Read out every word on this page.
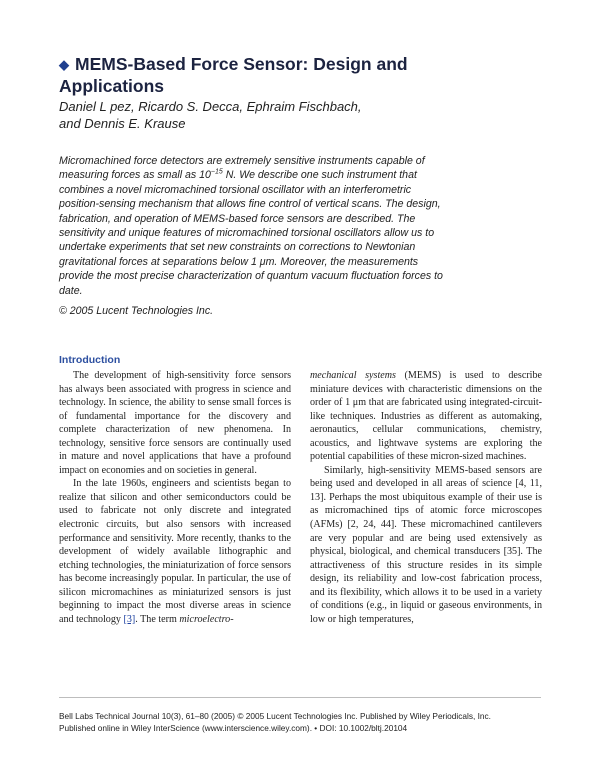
◆ MEMS-Based Force Sensor: Design and Applications
Daniel L pez, Ricardo S. Decca, Ephraim Fischbach,
and Dennis E. Krause
Micromachined force detectors are extremely sensitive instruments capable of measuring forces as small as $10^{-15}$ N. We describe one such instrument that combines a novel micromachined torsional oscillator with an interferometric position-sensing mechanism that allows fine control of vertical scans. The design, fabrication, and operation of MEMS-based force sensors are described. The sensitivity and unique features of micromachined torsional oscillators allow us to undertake experiments that set new constraints on corrections to Newtonian gravitational forces at separations below 1 μm. Moreover, the measurements provide the most precise characterization of quantum vacuum fluctuation forces to date.
© 2005 Lucent Technologies Inc.
Introduction

The development of high-sensitivity force sensors has always been associated with progress in science and technology. In science, the ability to sense small forces is of fundamental importance for the discovery and complete characterization of new phenomena. In technology, sensitive force sensors are continually used in mature and novel applications that have a profound impact on economies and on societies in general.

In the late 1960s, engineers and scientists began to realize that silicon and other semiconductors could be used to fabricate not only discrete and integrated electronic circuits, but also sensors with increased performance and sensitivity. More recently, thanks to the development of widely available lithographic and etching technologies, the miniaturization of force sensors has become increasingly popular. In particular, the use of silicon micromachines as miniaturized sensors is just beginning to impact the most diverse areas in science and technology [3]. The term microelectro-

mechanical systems (MEMS) is used to describe miniature devices with characteristic dimensions on the order of 1 μm that are fabricated using integrated-circuit-like techniques. Industries as different as automaking, aeronautics, cellular communications, chemistry, acoustics, and lightwave systems are exploring the potential capabilities of these micron-sized machines.

Similarly, high-sensitivity MEMS-based sensors are being used and developed in all areas of science [4, 11, 13]. Perhaps the most ubiquitous example of their use is as micromachined tips of atomic force microscopes (AFMs) [2, 24, 44]. These micromachined cantilevers are very popular and are being used extensively as physical, biological, and chemical transducers [35]. The attractiveness of this structure resides in its simple design, its reliability and low-cost fabrication process, and its flexibility, which allows it to be used in a variety of conditions (e.g., in liquid or gaseous environments, in low or high temperatures,

Bell Labs Technical Journal 10(3), 61–80 (2005) © 2005 Lucent Technologies Inc. Published by Wiley Periodicals, Inc.
Published online in Wiley InterScience (www.interscience.wiley.com). • DOI: 10.1002/bltj.20104
